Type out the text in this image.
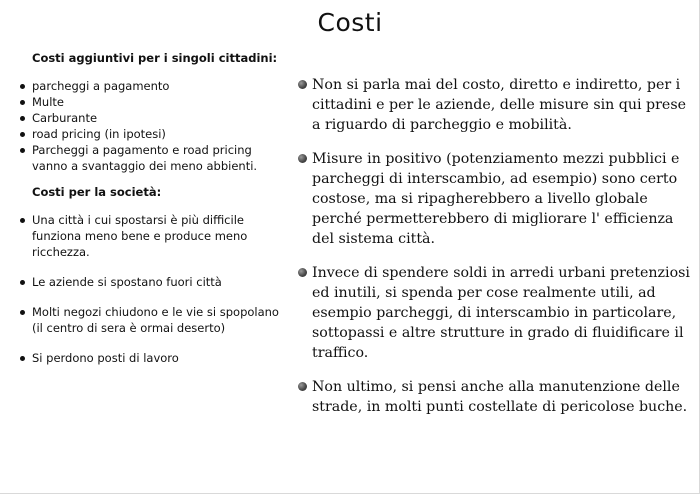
Costi
Costi aggiuntivi per i singoli cittadini:
parcheggi a pagamento
Multe
Carburante
road pricing (in ipotesi)
Parcheggi a pagamento e road pricing vanno a svantaggio dei meno abbienti.
Costi per la società:
Una città i cui spostarsi è più difficile funziona meno bene e produce meno ricchezza.
Le aziende si spostano fuori città
Molti negozi chiudono e le vie si spopolano (il centro di sera è ormai deserto)
Si perdono posti di lavoro
Non si parla mai del costo, diretto e indiretto, per i cittadini e per le aziende, delle misure sin qui prese a riguardo di parcheggio e mobilità.
Misure in positivo (potenziamento mezzi pubblici e parcheggi di interscambio, ad esempio) sono certo costose, ma si ripagherebbero a livello globale perché permetterebbero di migliorare l' efficienza del sistema città.
Invece di spendere soldi in arredi urbani pretenziosi ed inutili, si spenda per cose realmente utili, ad esempio parcheggi, di interscambio in particolare, sottopassi e altre strutture in grado di fluidificare il traffico.
Non ultimo, si pensi anche alla manutenzione delle strade, in molti punti costellate di pericolose buche.
